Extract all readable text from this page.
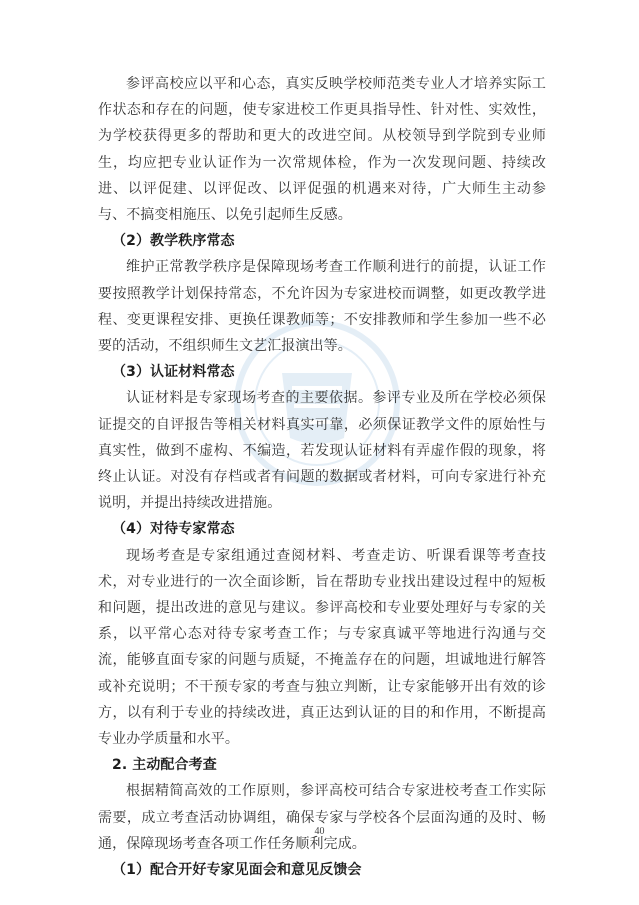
参评高校应以平和心态，真实反映学校师范类专业人才培养实际工作状态和存在的问题，使专家进校工作更具指导性、针对性、实效性，为学校获得更多的帮助和更大的改进空间。从校领导到学院到专业师生，均应把专业认证作为一次常规体检，作为一次发现问题、持续改进、以评促建、以评促改、以评促强的机遇来对待，广大师生主动参与、不搞变相施压、以免引起师生反感。

（2）教学秩序常态

维护正常教学秩序是保障现场考查工作顺利进行的前提，认证工作要按照教学计划保持常态，不允许因为专家进校而调整，如更改教学进程、变更课程安排、更换任课教师等；不安排教师和学生参加一些不必要的活动，不组织师生文艺汇报演出等。

（3）认证材料常态

认证材料是专家现场考查的主要依据。参评专业及所在学校必须保证提交的自评报告等相关材料真实可靠，必须保证教学文件的原始性与真实性，做到不虚构、不编造，若发现认证材料有弄虚作假的现象，将终止认证。对没有存档或者有问题的数据或者材料，可向专家进行补充说明，并提出持续改进措施。

（4）对待专家常态

现场考查是专家组通过查阅材料、考查走访、听课看课等考查技术，对专业进行的一次全面诊断，旨在帮助专业找出建设过程中的短板和问题，提出改进的意见与建议。参评高校和专业要处理好与专家的关系，以平常心态对待专家考查工作；与专家真诚平等地进行沟通与交流，能够直面专家的问题与质疑，不掩盖存在的问题，坦诚地进行解答或补充说明；不干预专家的考查与独立判断，让专家能够开出有效的诊方，以有利于专业的持续改进，真正达到认证的目的和作用，不断提高专业办学质量和水平。

2. 主动配合考查

根据精简高效的工作原则，参评高校可结合专家进校考查工作实际需要，成立考查活动协调组，确保专家与学校各个层面沟通的及时、畅通，保障现场考查各项工作任务顺利完成。

（1）配合开好专家见面会和意见反馈会

40
